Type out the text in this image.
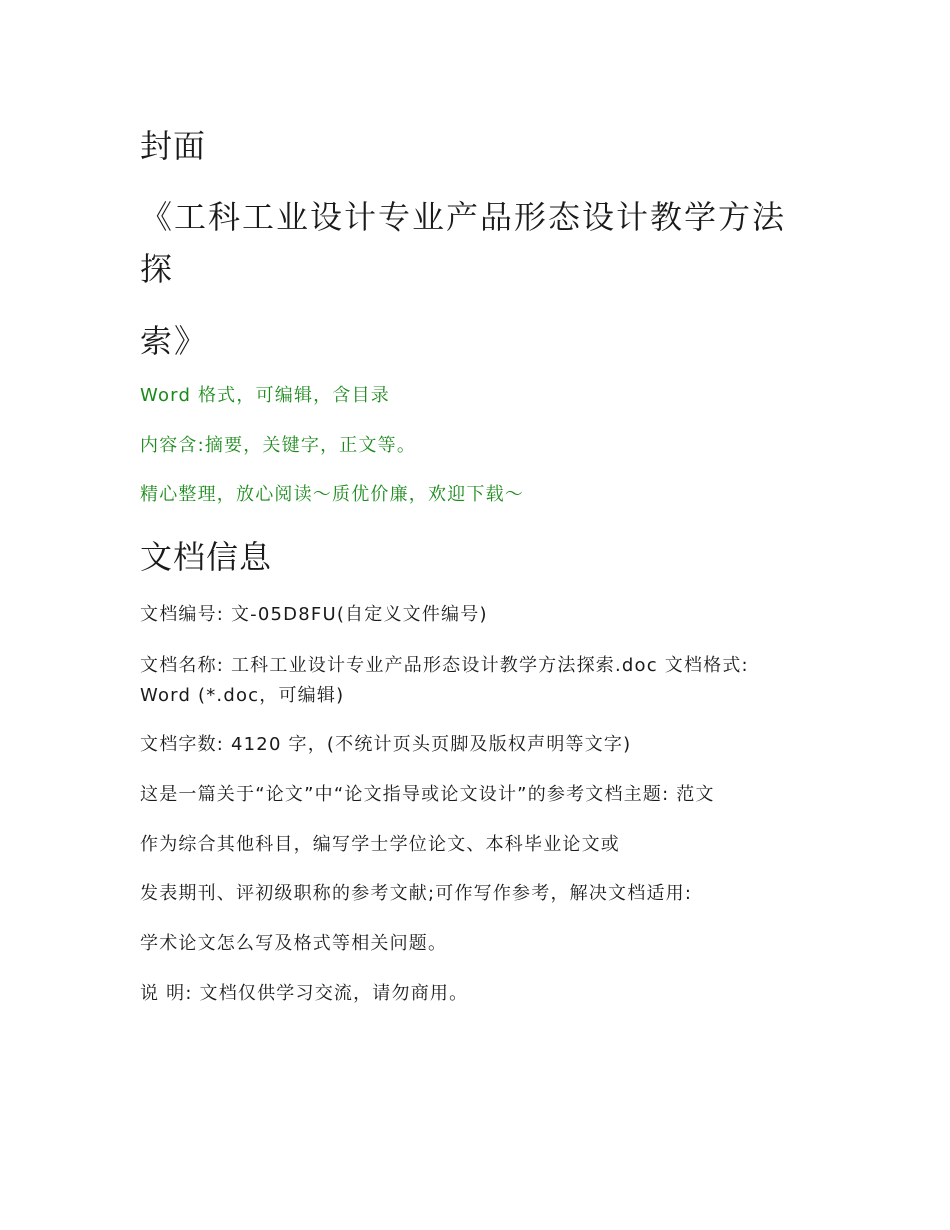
封面
《工科工业设计专业产品形态设计教学方法
探
索》
Word 格式，可编辑，含目录
内容含:摘要，关键字，正文等。
精心整理，放心阅读～质优价廉，欢迎下载～
文档信息
文档编号: 文-05D8FU(自定义文件编号)
文档名称: 工科工业设计专业产品形态设计教学方法探索.doc 文档格式:
Word (*.doc，可编辑)
文档字数: 4120 字，(不统计页头页脚及版权声明等文字)
这是一篇关于“论文”中“论文指导或论文设计”的参考文档主题: 范文
作为综合其他科目，编写学士学位论文、本科毕业论文或
发表期刊、评初级职称的参考文献;可作写作参考，解决文档适用:
学术论文怎么写及格式等相关问题。
说 明: 文档仅供学习交流，请勿商用。
